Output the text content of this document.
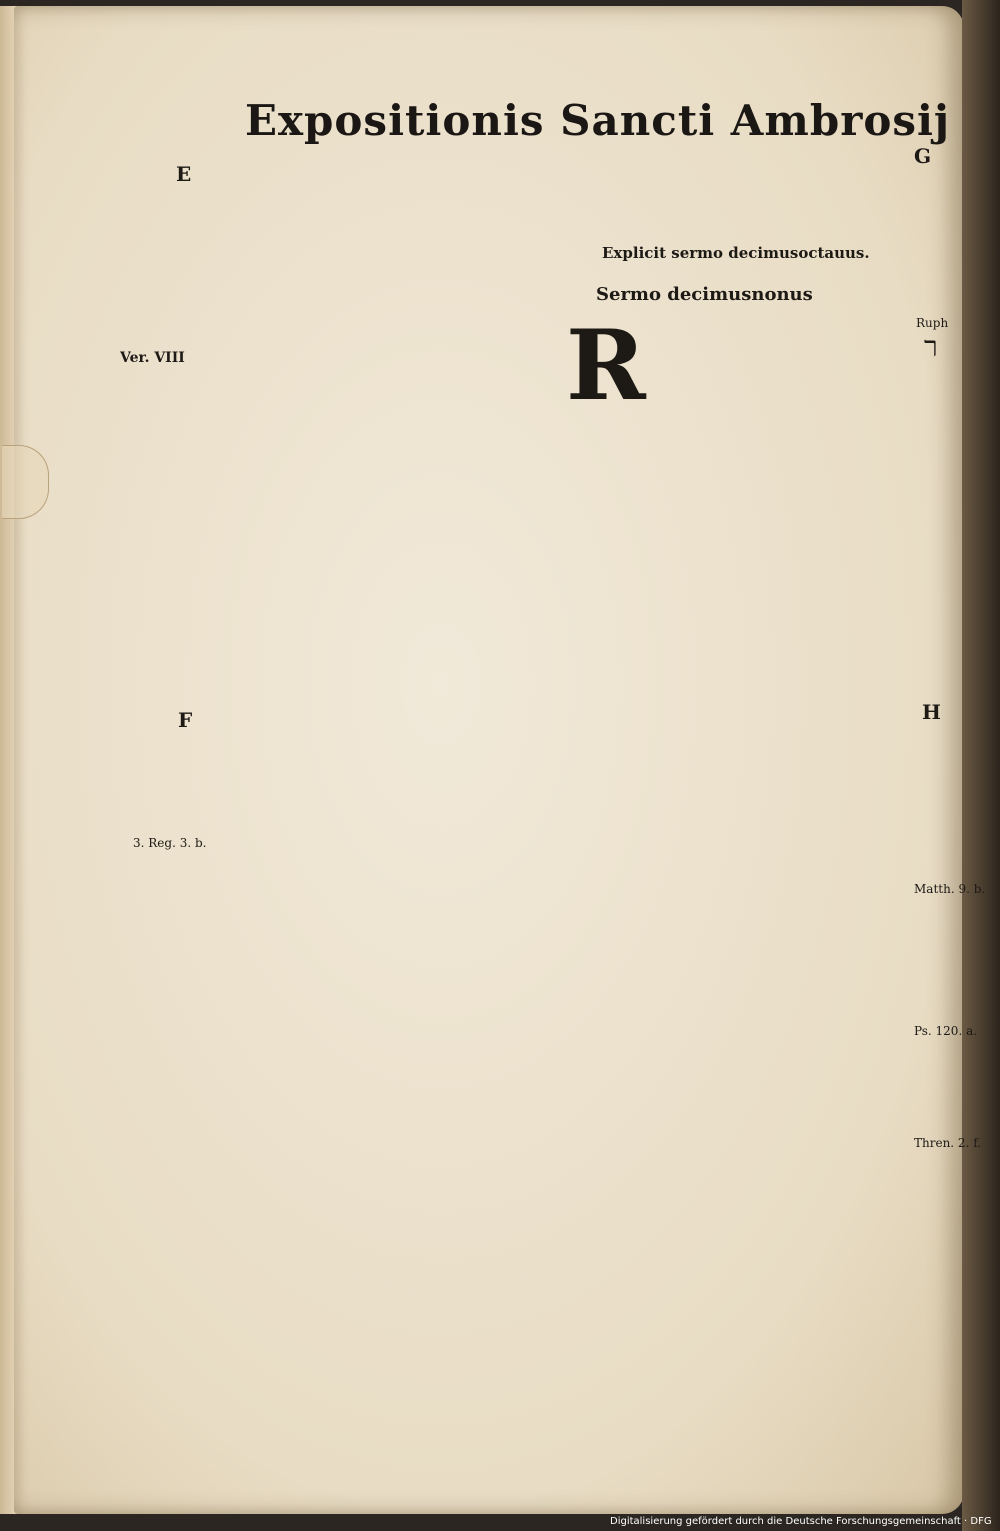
Expositionis Sancti Ambrosij
Explicit sermo decimusoctauus.
Sermo decimusnonus
R
E
Ver. VIII
F
3. Reg. 3. b.
G
Ruph
ר
H
Matth. 9. b.
Ps. 120. a.
Thren. 2. f.
Digitalisierung gefördert durch die Deutsche Forschungsgemeinschaft · DFG
